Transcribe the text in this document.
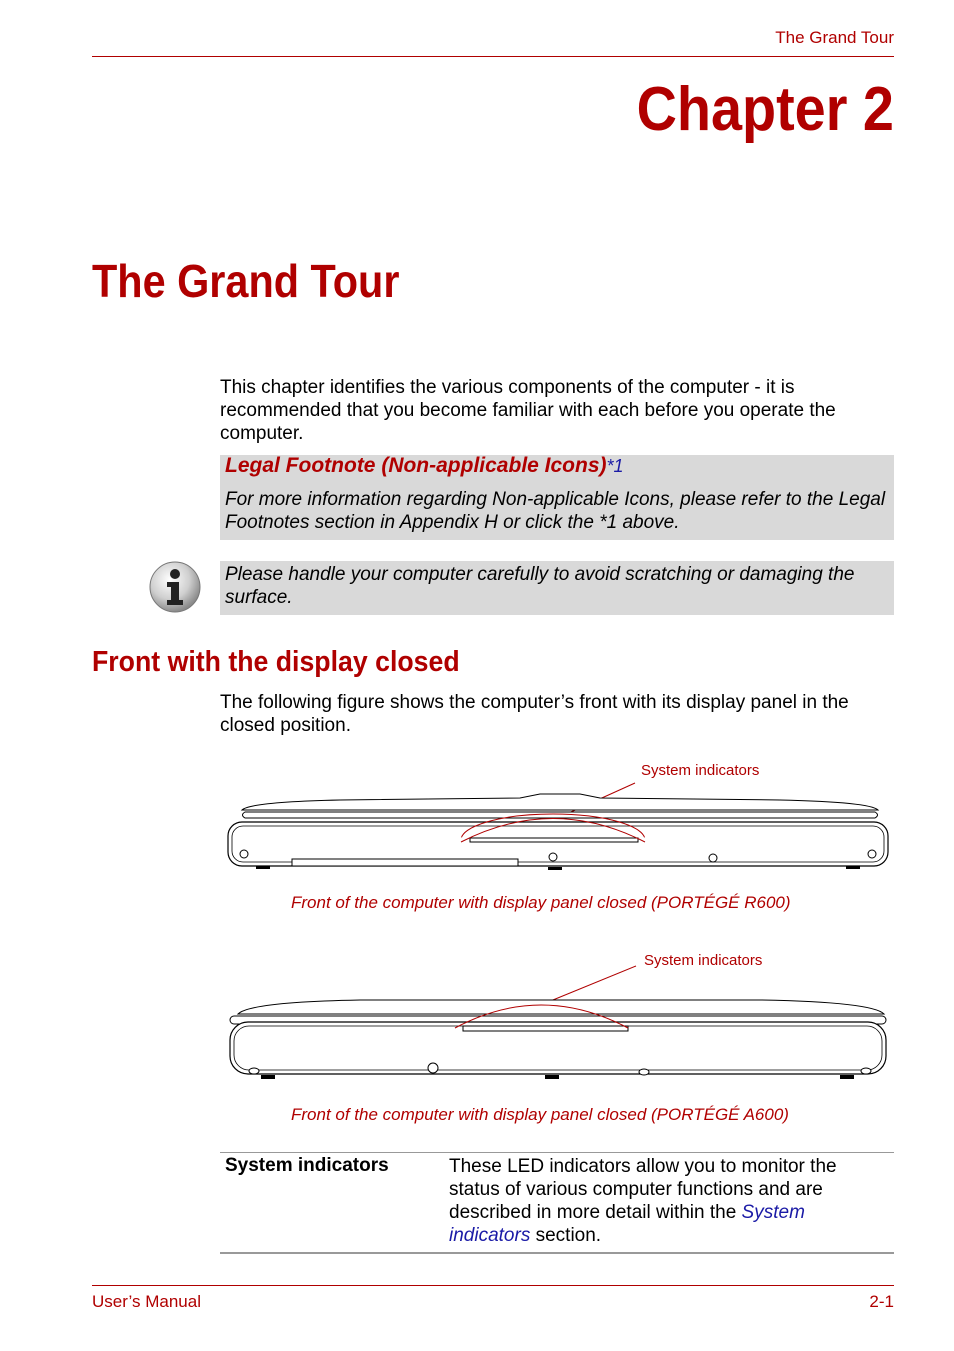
The Grand Tour
Chapter 2
The Grand Tour
This chapter identifies the various components of the computer - it is recommended that you become familiar with each before you operate the computer.
Legal Footnote (Non-applicable Icons)*1
For more information regarding Non-applicable Icons, please refer to the Legal Footnotes section in Appendix H or click the *1 above.
Please handle your computer carefully to avoid scratching or damaging the surface.
Front with the display closed
The following figure shows the computer’s front with its display panel in the closed position.
System indicators
Front of the computer with display panel closed (PORTÉGÉ R600)
System indicators
Front of the computer with display panel closed (PORTÉGÉ A600)
System indicators	These LED indicators allow you to monitor the status of various computer functions and are described in more detail within the System indicators section.
User’s Manual	2-1
